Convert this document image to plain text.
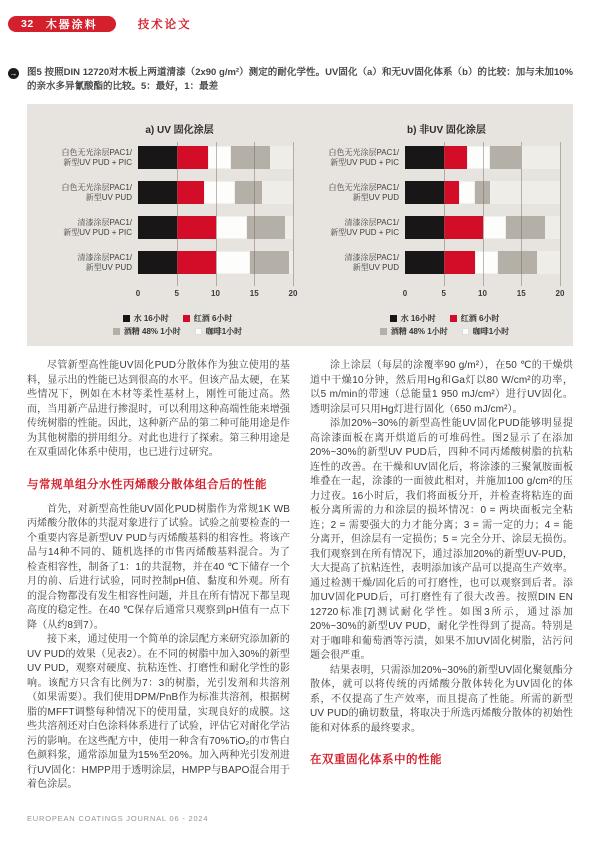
32 木器涂料	技术论文
→ 图5 按照DIN 12720对木板上两道清漆（2x90 g/m²）测定的耐化学性。UV固化（a）和无UV固化体系（b）的比较：加与未加10%的亲水多异氰酸酯的比较。5：最好，1：最差

a) UV 固化涂层
白色无光涂层PAC1/
新型UV PUD + PIC
白色无光涂层PAC1/
新型UV PUD
清漆涂层PAC1/
新型UV PUD + PIC
清漆涂层PAC1/
新型UV PUD
0	5	10	15	20
水 16小时	红酒 6小时
酒精 48% 1小时	咖啡1小时
b) 非UV 固化涂层
白色无光涂层PAC1/
新型UV PUD + PIC
白色无光涂层PAC1/
新型UV PUD
清漆涂层PAC1/
新型UV PUD + PIC
清漆涂层PAC1/
新型UV PUD
0	5	10	15	20
水 16小时	红酒 6小时
酒精 48% 1小时	咖啡1小时

尽管新型高性能UV固化PUD分散体作为独立使用的基料，显示出的性能已达到很高的水平。但该产品太硬，在某些情况下，例如在木材等柔性基材上，刚性可能过高。然而，当用新产品进行掺混时，可以利用这种高端性能来增强传统树脂的性能。因此，这种新产品的第二种可能用途是作为其他树脂的拼用组分。对此也进行了探索。第三种用途是在双重固化体系中使用，也已进行过研究。

与常规单组分水性丙烯酸分散体组合后的性能

首先，对新型高性能UV固化PUD树脂作为常规1K WB丙烯酸分散体的共混对象进行了试验。试验之前要检查的一个重要内容是新型UV PUD与丙烯酸基料的相容性。将该产品与14种不同的、随机选择的市售丙烯酸基料混合。为了检查相容性，制备了1：1的共混物，并在40 ℃下储存一个月的前、后进行试验，同时控制pH值、黏度和外观。所有的混合物都没有发生相容性问题，并且在所有情况下都呈现高度的稳定性。在40 ℃保存后通常只观察到pH值有一点下降（从约8到7）。

接下来，通过使用一个简单的涂层配方来研究添加新的UV PUD的效果（见表2）。在不同的树脂中加入30%的新型UV PUD，观察对硬度、抗粘连性、打磨性和耐化学性的影响。该配方只含有比例为7：3的树脂，光引发剂和共溶剂（如果需要）。我们使用DPM/PnB作为标准共溶剂，根据树脂的MFFT调整每种情况下的使用量，实现良好的成膜。这些共溶剂还对白色涂料体系进行了试验，评估它对耐化学沾污的影响。在这些配方中，使用一种含有70%TiO₂的市售白色颜料浆，通常添加量为15%至20%。加入两种光引发剂进行UV固化：HMPP用于透明涂层，HMPP与BAPO混合用于着色涂层。

涂上涂层（每层的涂覆率90 g/m²），在50 ℃的干燥烘道中干燥10分钟，然后用Hg和Ga灯以80 W/cm²的功率，以5 m/min的带速（总能量1 950 mJ/cm²）进行UV固化。透明涂层可只用Hg灯进行固化（650 mJ/cm²）。

添加20%~30%的新型高性能UV固化PUD能够明显提高涂漆面板在离开烘道后的可堆码性。图2显示了在添加20%~30%的新型UV PUD后，四种不同丙烯酸树脂的抗粘连性的改善。在干燥和UV固化后，将涂漆的三聚氰胺面板堆叠在一起，涂漆的一面彼此相对，并施加100 g/cm²的压力过夜。16小时后，我们将面板分开，并检查将粘连的面板分离所需的力和涂层的损坏情况：0 = 两块面板完全粘连；2 = 需要强大的力才能分离；3 = 需一定的力；4 = 能分离开，但涂层有一定损伤；5 = 完全分开、涂层无损伤。我们观察到在所有情况下，通过添加20%的新型UV-PUD，大大提高了抗粘连性，表明添加该产品可以提高生产效率。通过检测干燥/固化后的可打磨性，也可以观察到后者。添加UV固化PUD后，可打磨性有了很大改善。按照DIN EN 12720标准[7]测试耐化学性。如图3所示，通过添加20%~30%的新型UV PUD，耐化学性得到了提高。特别是对于咖啡和葡萄酒等污渍，如果不加UV固化树脂，沾污问题会很严重。

结果表明，只需添加20%~30%的新型UV固化聚氨酯分散体，就可以将传统的丙烯酸分散体转化为UV固化的体系，不仅提高了生产效率，而且提高了性能。所需的新型UV PUD的确切数量，将取决于所选丙烯酸分散体的初始性能和对体系的最终要求。

在双重固化体系中的性能
EUROPEAN COATINGS JOURNAL 06 - 2024
